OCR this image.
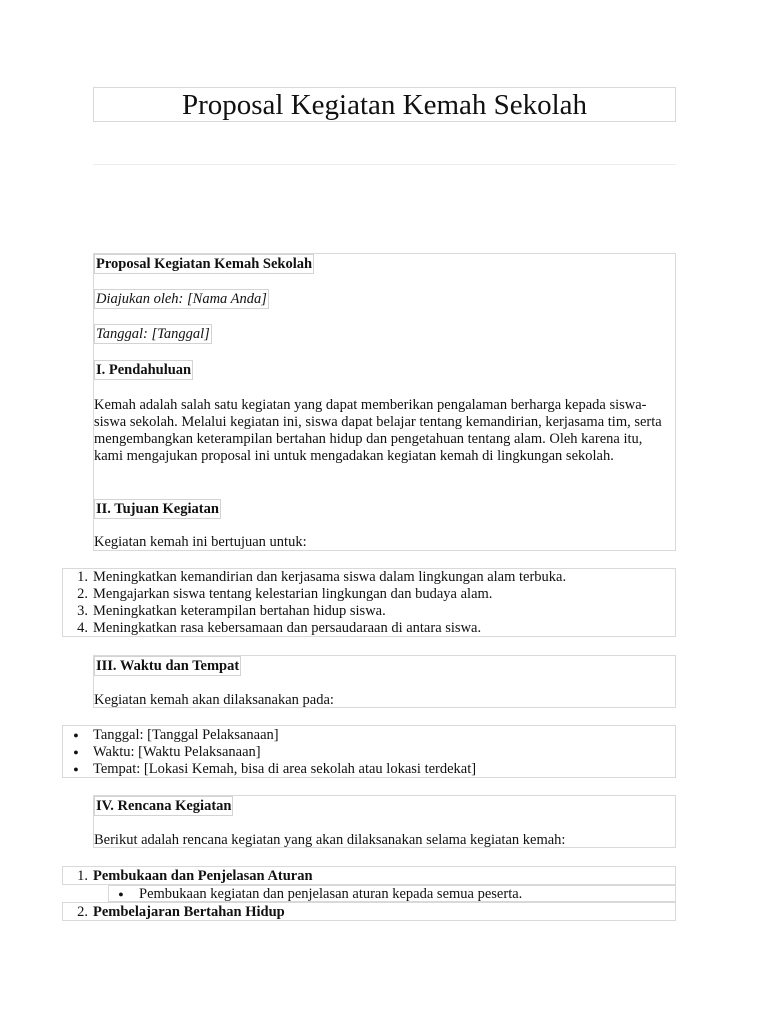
Proposal Kegiatan Kemah Sekolah
Proposal Kegiatan Kemah Sekolah
Diajukan oleh: [Nama Anda]
Tanggal: [Tanggal]
I. Pendahuluan

Kemah adalah salah satu kegiatan yang dapat memberikan pengalaman berharga kepada siswa-siswa sekolah. Melalui kegiatan ini, siswa dapat belajar tentang kemandirian, kerjasama tim, serta mengembangkan keterampilan bertahan hidup dan pengetahuan tentang alam. Oleh karena itu, kami mengajukan proposal ini untuk mengadakan kegiatan kemah di lingkungan sekolah.

II. Tujuan Kegiatan
Kegiatan kemah ini bertujuan untuk:
1. Meningkatkan kemandirian dan kerjasama siswa dalam lingkungan alam terbuka.
2. Mengajarkan siswa tentang kelestarian lingkungan dan budaya alam.
3. Meningkatkan keterampilan bertahan hidup siswa.
4. Meningkatkan rasa kebersamaan dan persaudaraan di antara siswa.
III. Waktu dan Tempat
Kegiatan kemah akan dilaksanakan pada:
● Tanggal: [Tanggal Pelaksanaan]
● Waktu: [Waktu Pelaksanaan]
● Tempat: [Lokasi Kemah, bisa di area sekolah atau lokasi terdekat]
IV. Rencana Kegiatan
Berikut adalah rencana kegiatan yang akan dilaksanakan selama kegiatan kemah:
1. Pembukaan dan Penjelasan Aturan
● Pembukaan kegiatan dan penjelasan aturan kepada semua peserta.
2. Pembelajaran Bertahan Hidup
